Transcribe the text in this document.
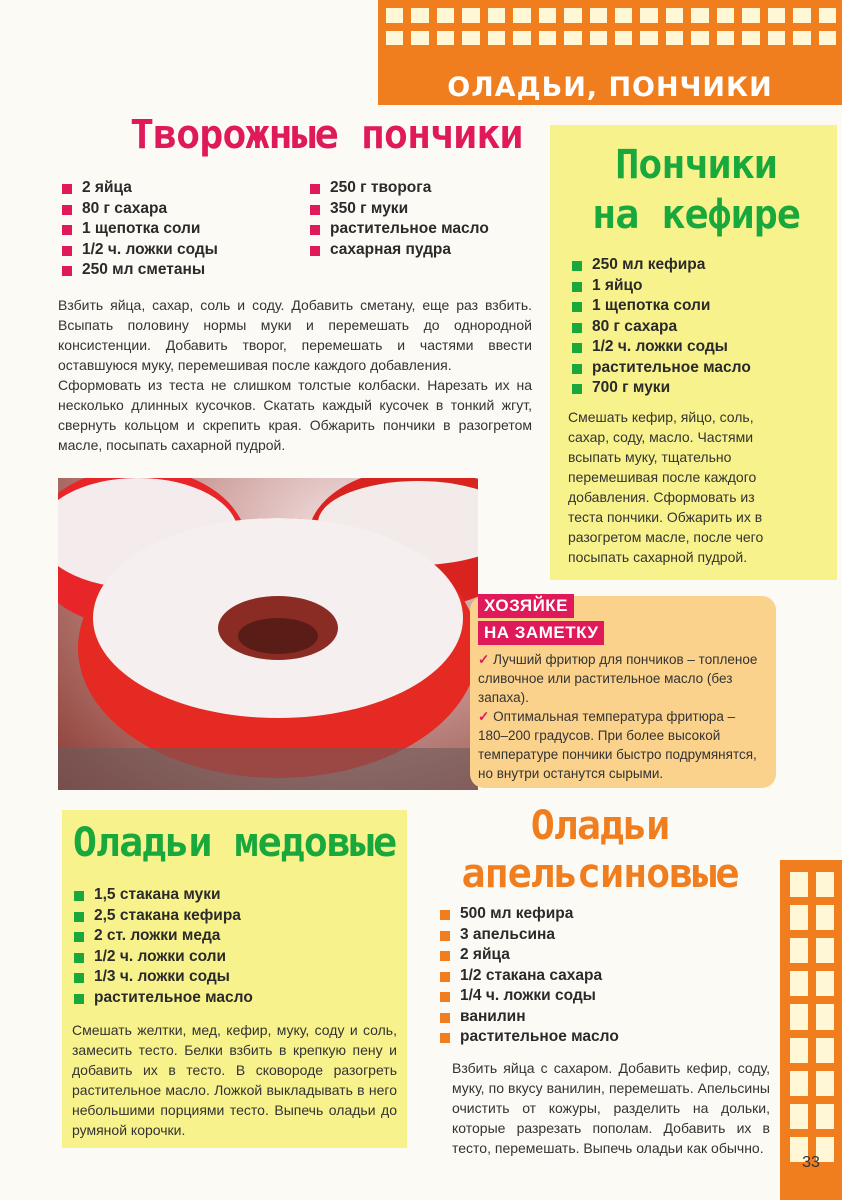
ОЛАДЬИ, ПОНЧИКИ
Творожные пончики
2 яйца
80 г сахара
1 щепотка соли
1/2 ч. ложки соды
250 мл сметаны
250 г творога
350 г муки
растительное масло
сахарная пудра

Взбить яйца, сахар, соль и соду. Добавить сметану, еще раз взбить. Всыпать половину нормы муки и перемешать до однородной консистенции. Добавить творог, перемешать и частями ввести оставшуюся муку, перемешивая после каждого добавления.

Сформовать из теста не слишком толстые колбаски. Нарезать их на несколько длинных кусочков. Скатать каждый кусочек в тонкий жгут, свернуть кольцом и скрепить края. Обжарить пончики в разогретом масле, посыпать сахарной пудрой.

Пончики
на кефире
250 мл кефира
1 яйцо
1 щепотка соли
80 г сахара
1/2 ч. ложки соды
растительное масло
700 г муки

Смешать кефир, яйцо, соль, сахар, соду, масло. Частями всыпать муку, тщательно перемешивая после каждого добавления. Сформовать из теста пончики. Обжарить их в разогретом масле, после чего посыпать сахарной пудрой.

ХОЗЯЙКЕ
НА ЗАМЕТКУ

✓ Лучший фритюр для пончиков – топленое сливочное или растительное масло (без запаха).

✓ Оптимальная температура фритюра – 180–200 градусов. При более высокой температуре пончики быстро подрумянятся, но внутри останутся сырыми.

Оладьи медовые
1,5 стакана муки
2,5 стакана кефира
2 ст. ложки меда
1/2 ч. ложки соли
1/3 ч. ложки соды
растительное масло

Смешать желтки, мед, кефир, муку, соду и соль, замесить тесто. Белки взбить в крепкую пену и добавить их в тесто. В сковороде разогреть растительное масло. Ложкой выкладывать в него небольшими порциями тесто. Выпечь оладьи до румяной корочки.

Оладьи
апельсиновые
500 мл кефира
3 апельсина
2 яйца
1/2 стакана сахара
1/4 ч. ложки соды
ванилин
растительное масло

Взбить яйца с сахаром. Добавить кефир, соду, муку, по вкусу ванилин, перемешать. Апельсины очистить от кожуры, разделить на дольки, которые разрезать пополам. Добавить их в тесто, перемешать. Выпечь оладьи как обычно.

33
